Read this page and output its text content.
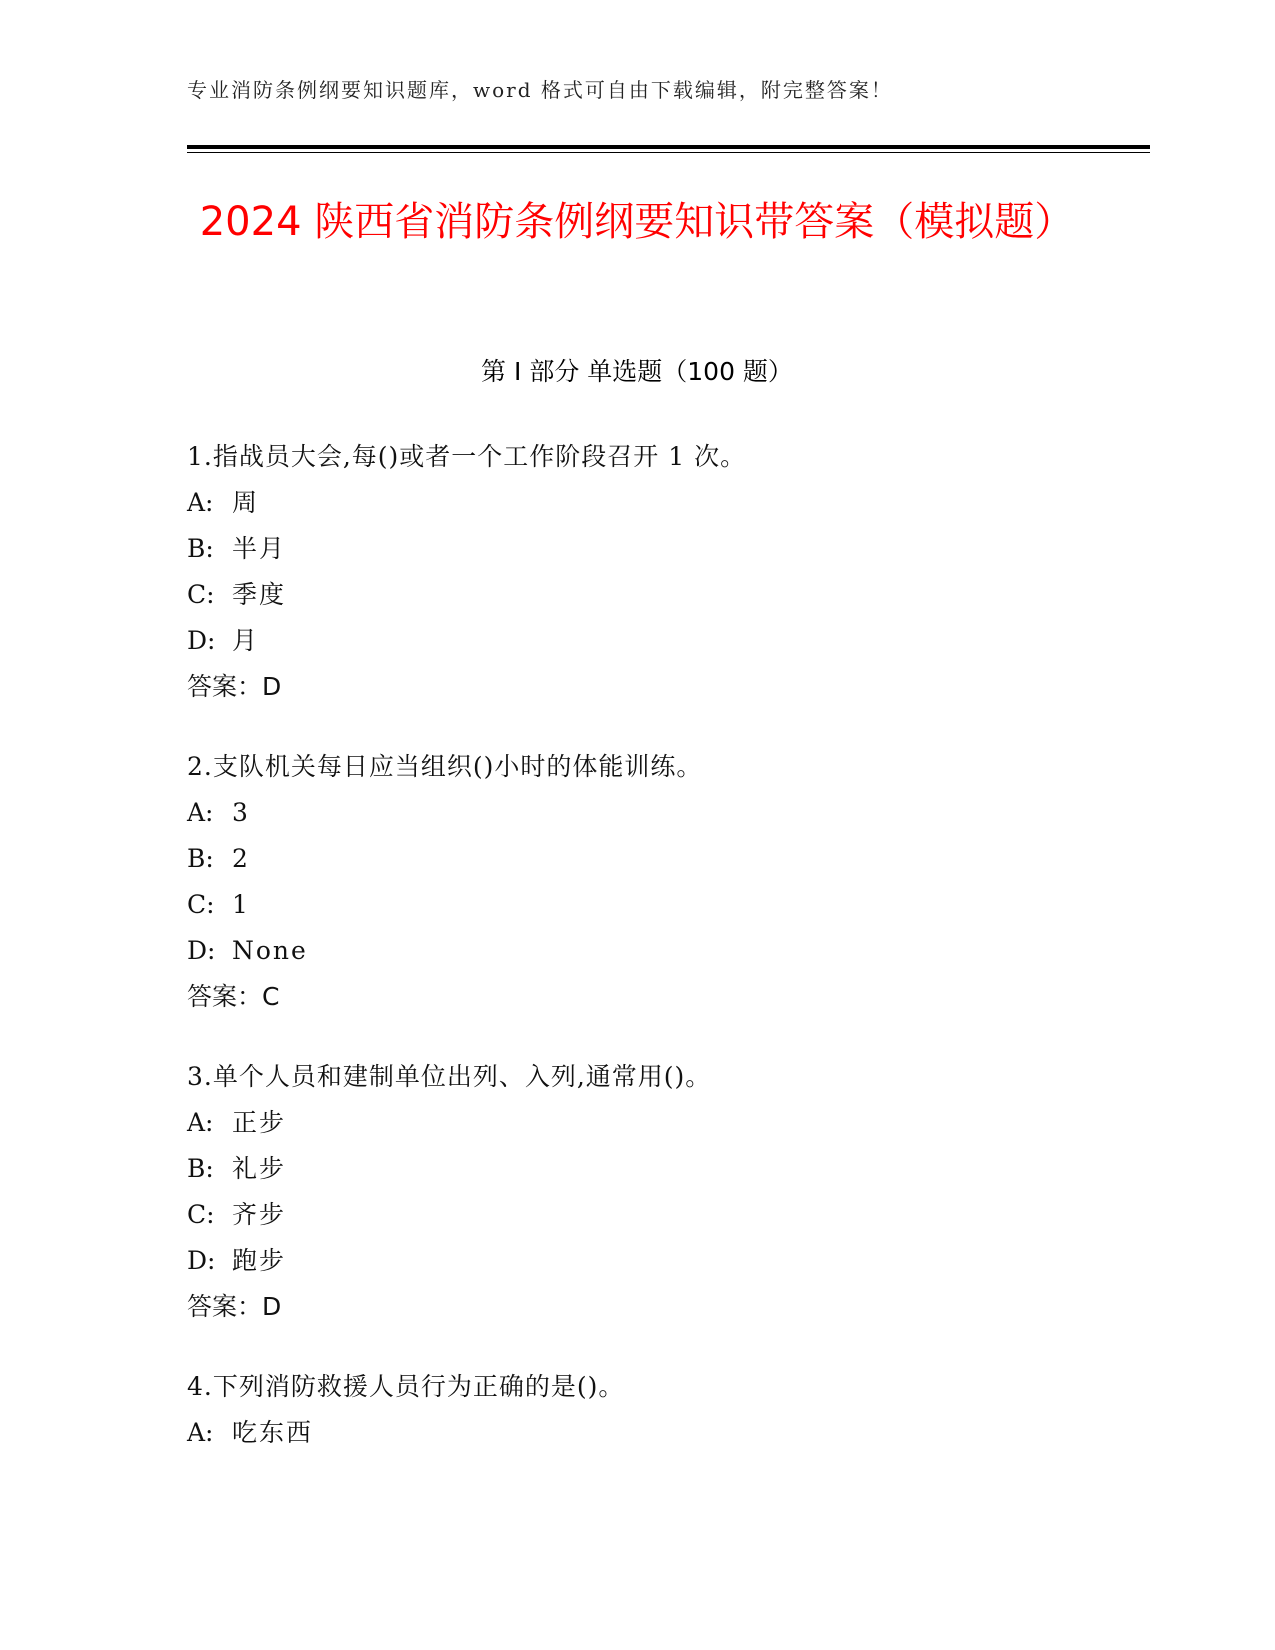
专业消防条例纲要知识题库，word 格式可自由下载编辑，附完整答案！
2024 陕西省消防条例纲要知识带答案（模拟题）
第 I 部分 单选题（100 题）
1.指战员大会,每()或者一个工作阶段召开 1 次。
A: 周
B: 半月
C: 季度
D: 月
答案：D
2.支队机关每日应当组织()小时的体能训练。
A: 3
B: 2
C: 1
D: None
答案：C
3.单个人员和建制单位出列、入列,通常用()。
A: 正步
B: 礼步
C: 齐步
D: 跑步
答案：D
4.下列消防救援人员行为正确的是()。
A: 吃东西
